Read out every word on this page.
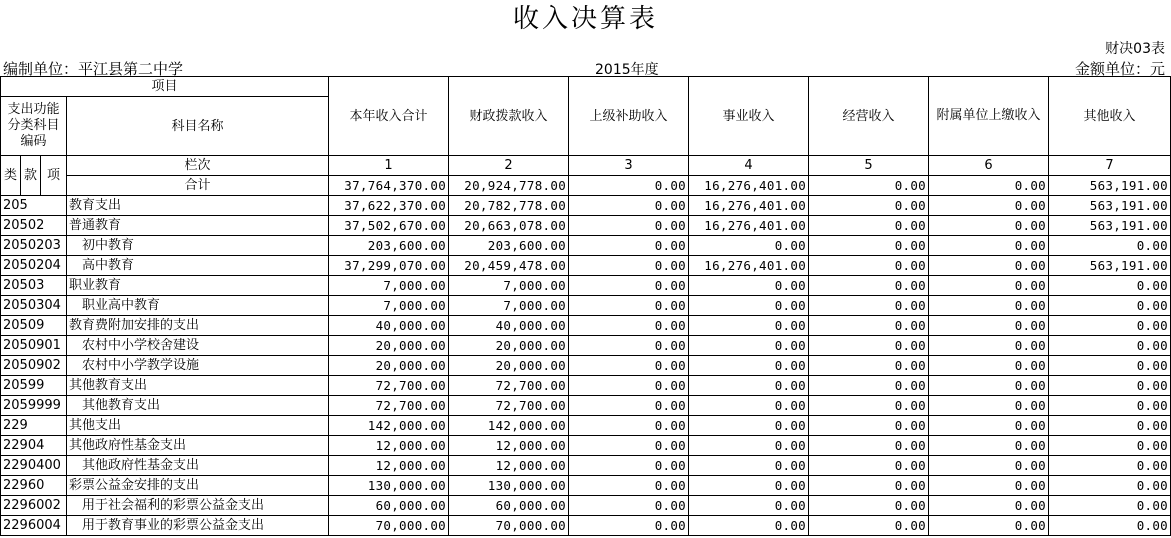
收入决算表
财决03表
编制单位：平江县第二中学	2015年度	金额单位：元
项目				本年收入合计	财政拨款收入	上级补助收入	事业收入	经营收入	附属单位上缴收入	其他收入
支出功能分类科目编码			科目名称							
类	款	项	栏次	1	2	3	4	5	6	7
			合计	37,764,370.00	20,924,778.00	0.00	16,276,401.00	0.00	0.00	563,191.00
205			教育支出	37,622,370.00	20,782,778.00	0.00	16,276,401.00	0.00	0.00	563,191.00
20502			普通教育	37,502,670.00	20,663,078.00	0.00	16,276,401.00	0.00	0.00	563,191.00
2050203			　初中教育	203,600.00	203,600.00	0.00	0.00	0.00	0.00	0.00
2050204			　高中教育	37,299,070.00	20,459,478.00	0.00	16,276,401.00	0.00	0.00	563,191.00
20503			职业教育	7,000.00	7,000.00	0.00	0.00	0.00	0.00	0.00
2050304			　职业高中教育	7,000.00	7,000.00	0.00	0.00	0.00	0.00	0.00
20509			教育费附加安排的支出	40,000.00	40,000.00	0.00	0.00	0.00	0.00	0.00
2050901			　农村中小学校舍建设	20,000.00	20,000.00	0.00	0.00	0.00	0.00	0.00
2050902			　农村中小学教学设施	20,000.00	20,000.00	0.00	0.00	0.00	0.00	0.00
20599			其他教育支出	72,700.00	72,700.00	0.00	0.00	0.00	0.00	0.00
2059999			　其他教育支出	72,700.00	72,700.00	0.00	0.00	0.00	0.00	0.00
229			其他支出	142,000.00	142,000.00	0.00	0.00	0.00	0.00	0.00
22904			其他政府性基金支出	12,000.00	12,000.00	0.00	0.00	0.00	0.00	0.00
2290400			　其他政府性基金支出	12,000.00	12,000.00	0.00	0.00	0.00	0.00	0.00
22960			彩票公益金安排的支出	130,000.00	130,000.00	0.00	0.00	0.00	0.00	0.00
2296002			　用于社会福利的彩票公益金支出	60,000.00	60,000.00	0.00	0.00	0.00	0.00	0.00
2296004			　用于教育事业的彩票公益金支出	70,000.00	70,000.00	0.00	0.00	0.00	0.00	0.00
